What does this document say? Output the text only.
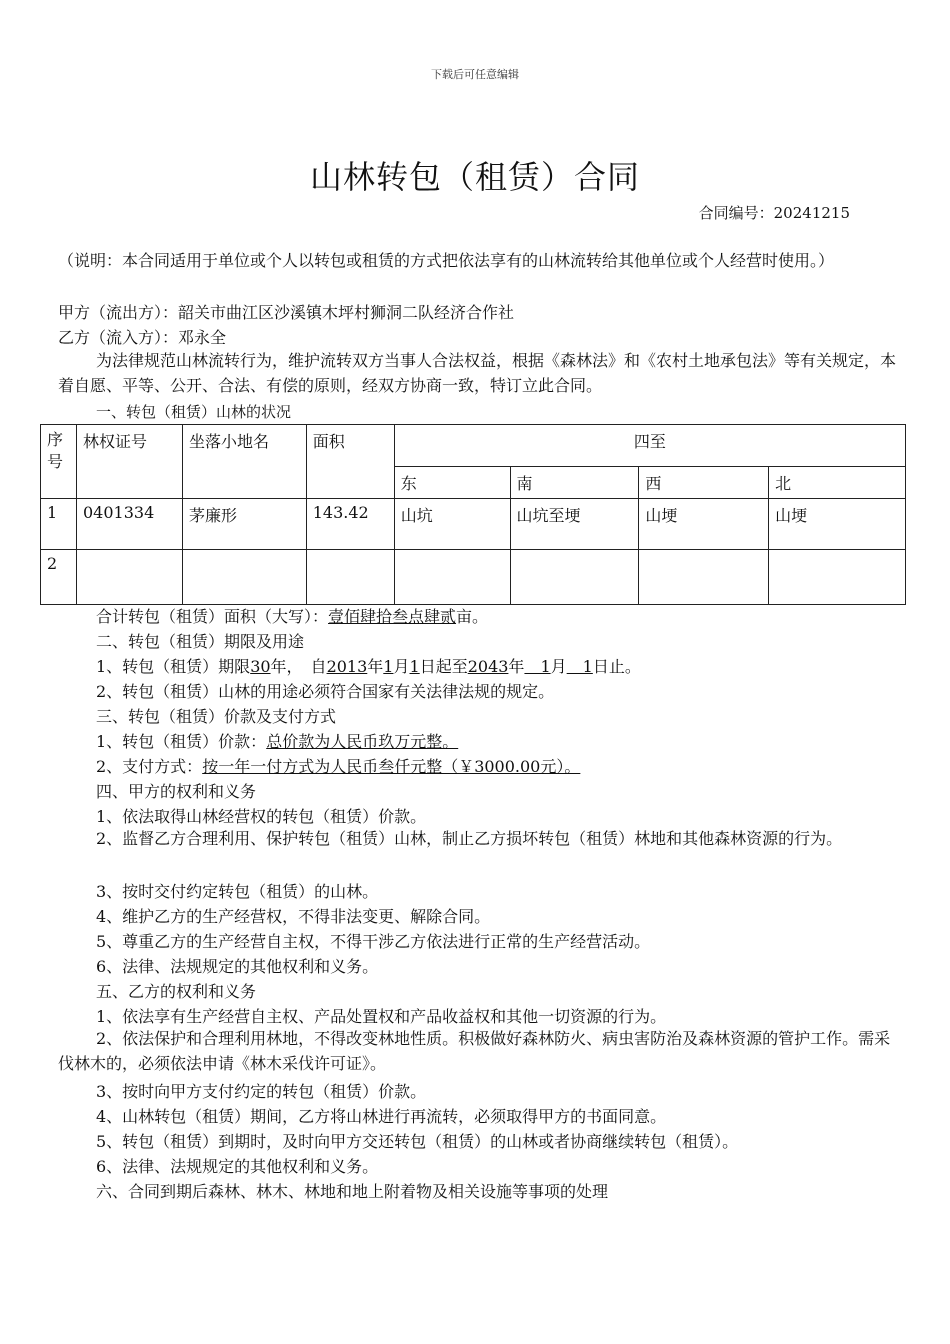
下载后可任意编辑
山林转包（租赁）合同
合同编号：20241215
（说明：本合同适用于单位或个人以转包或租赁的方式把依法享有的山林流转给其他单位或个人经营时使用。）
甲方（流出方）：韶关市曲江区沙溪镇木坪村狮洞二队经济合作社
乙方（流入方）：邓永全
为法律规范山林流转行为，维护流转双方当事人合法权益，根据《森林法》和《农村土地承包法》等有关规定，本着自愿、平等、公开、合法、有偿的原则，经双方协商一致，特订立此合同。
一、转包（租赁）山林的状况
序号	林权证号	坐落小地名	面积	四至			
				东	南	西	北
1	0401334	茅廉形	143.42	山坑	山坑至埂	山埂	山埂
2							
合计转包（租赁）面积（大写）：壹佰肆拾叁点肆贰亩。
二、转包（租赁）期限及用途
1、转包（租赁）期限30年，　自2013年1月1日起至2043年　1月　1日止。
2、转包（租赁）山林的用途必须符合国家有关法律法规的规定。
三、转包（租赁）价款及支付方式
1、转包（租赁）价款：总价款为人民币玖万元整。
2、支付方式：按一年一付方式为人民币叁仟元整（￥3000.00元）。
四、甲方的权利和义务
1、依法取得山林经营权的转包（租赁）价款。
2、监督乙方合理利用、保护转包（租赁）山林，制止乙方损坏转包（租赁）林地和其他森林资源的行为。
3、按时交付约定转包（租赁）的山林。
4、维护乙方的生产经营权，不得非法变更、解除合同。
5、尊重乙方的生产经营自主权，不得干涉乙方依法进行正常的生产经营活动。
6、法律、法规规定的其他权利和义务。
五、乙方的权利和义务
1、依法享有生产经营自主权、产品处置权和产品收益权和其他一切资源的行为。
2、依法保护和合理利用林地，不得改变林地性质。积极做好森林防火、病虫害防治及森林资源的管护工作。需采伐林木的，必须依法申请《林木采伐许可证》。
3、按时向甲方支付约定的转包（租赁）价款。
4、山林转包（租赁）期间，乙方将山林进行再流转，必须取得甲方的书面同意。
5、转包（租赁）到期时，及时向甲方交还转包（租赁）的山林或者协商继续转包（租赁）。
6、法律、法规规定的其他权利和义务。
六、合同到期后森林、林木、林地和地上附着物及相关设施等事项的处理
